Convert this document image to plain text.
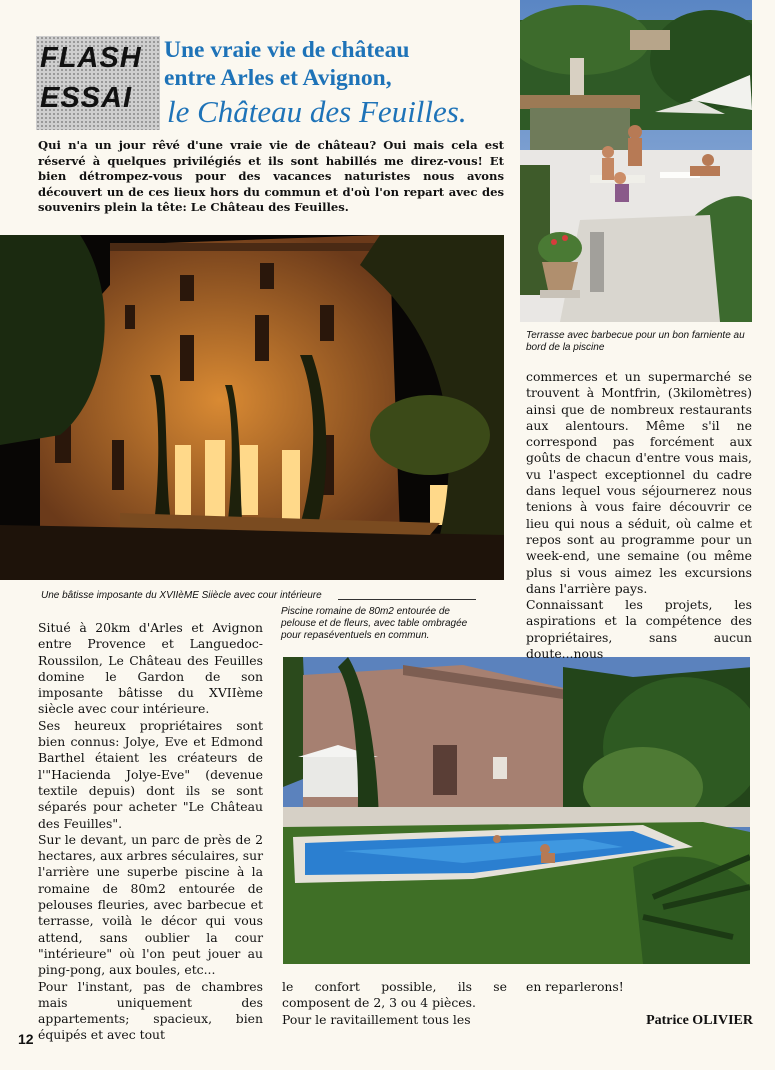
FLASH
ESSAI
Une vraie vie de château
entre Arles et Avignon,
le Château des Feuilles.
Qui n'a un jour rêvé d'une vraie vie de château? Oui mais cela est réservé à quelques privilégiés et ils sont habillés me direz-vous! Et bien détrompez-vous pour des vacances naturistes nous avons découvert un de ces lieux hors du commun et d'où l'on repart avec des souvenirs plein la tête: Le Château des Feuilles.
Terrasse avec barbecue pour un bon farniente au bord de la piscine
Une bâtisse imposante du XVIIèME Siiècle avec cour intérieure
Piscine romaine de 80m2 entourée de pelouse et de fleurs, avec table ombragée pour repaséventuels en commun.
Situé à 20km d'Arles et Avignon entre Provence et Languedoc-Roussilon, Le Château des Feuilles domine le Gardon de son imposante bâtisse du XVIIème siècle avec cour intérieure.
Ses heureux propriétaires sont bien connus: Jolye, Eve et Edmond Barthel étaient les créateurs de l'"Hacienda Jolye-Eve" (devenue textile depuis) dont ils se sont séparés pour acheter "Le Château des Feuilles".
Sur le devant, un parc de près de 2 hectares, aux arbres séculaires, sur l'arrière une superbe piscine à la romaine de 80m2 entourée de pelouses fleuries, avec barbecue et terrasse, voilà le décor qui vous attend, sans oublier la cour "intérieure" où l'on peut jouer au ping-pong, aux boules, etc...
Pour l'instant, pas de chambres mais uniquement des appartements; spacieux, bien équipés et avec tout
le confort possible, ils se composent de 2, 3 ou 4 pièces.
Pour le ravitaillement tous les
commerces et un supermarché se trouvent à Montfrin, (3kilomètres) ainsi que de nombreux restaurants aux alentours. Même s'il ne correspond pas forcément aux goûts de chacun d'entre vous mais, vu l'aspect exceptionnel du cadre dans lequel vous séjournerez nous tenions à vous faire découvrir ce lieu qui nous a séduit, où calme et repos sont au programme pour un week-end, une semaine (ou même plus si vous aimez les excursions dans l'arrière pays.
Connaissant les projets, les aspirations et la compétence des propriétaires, sans aucun doute...nous
en reparlerons!
Patrice OLIVIER
12
